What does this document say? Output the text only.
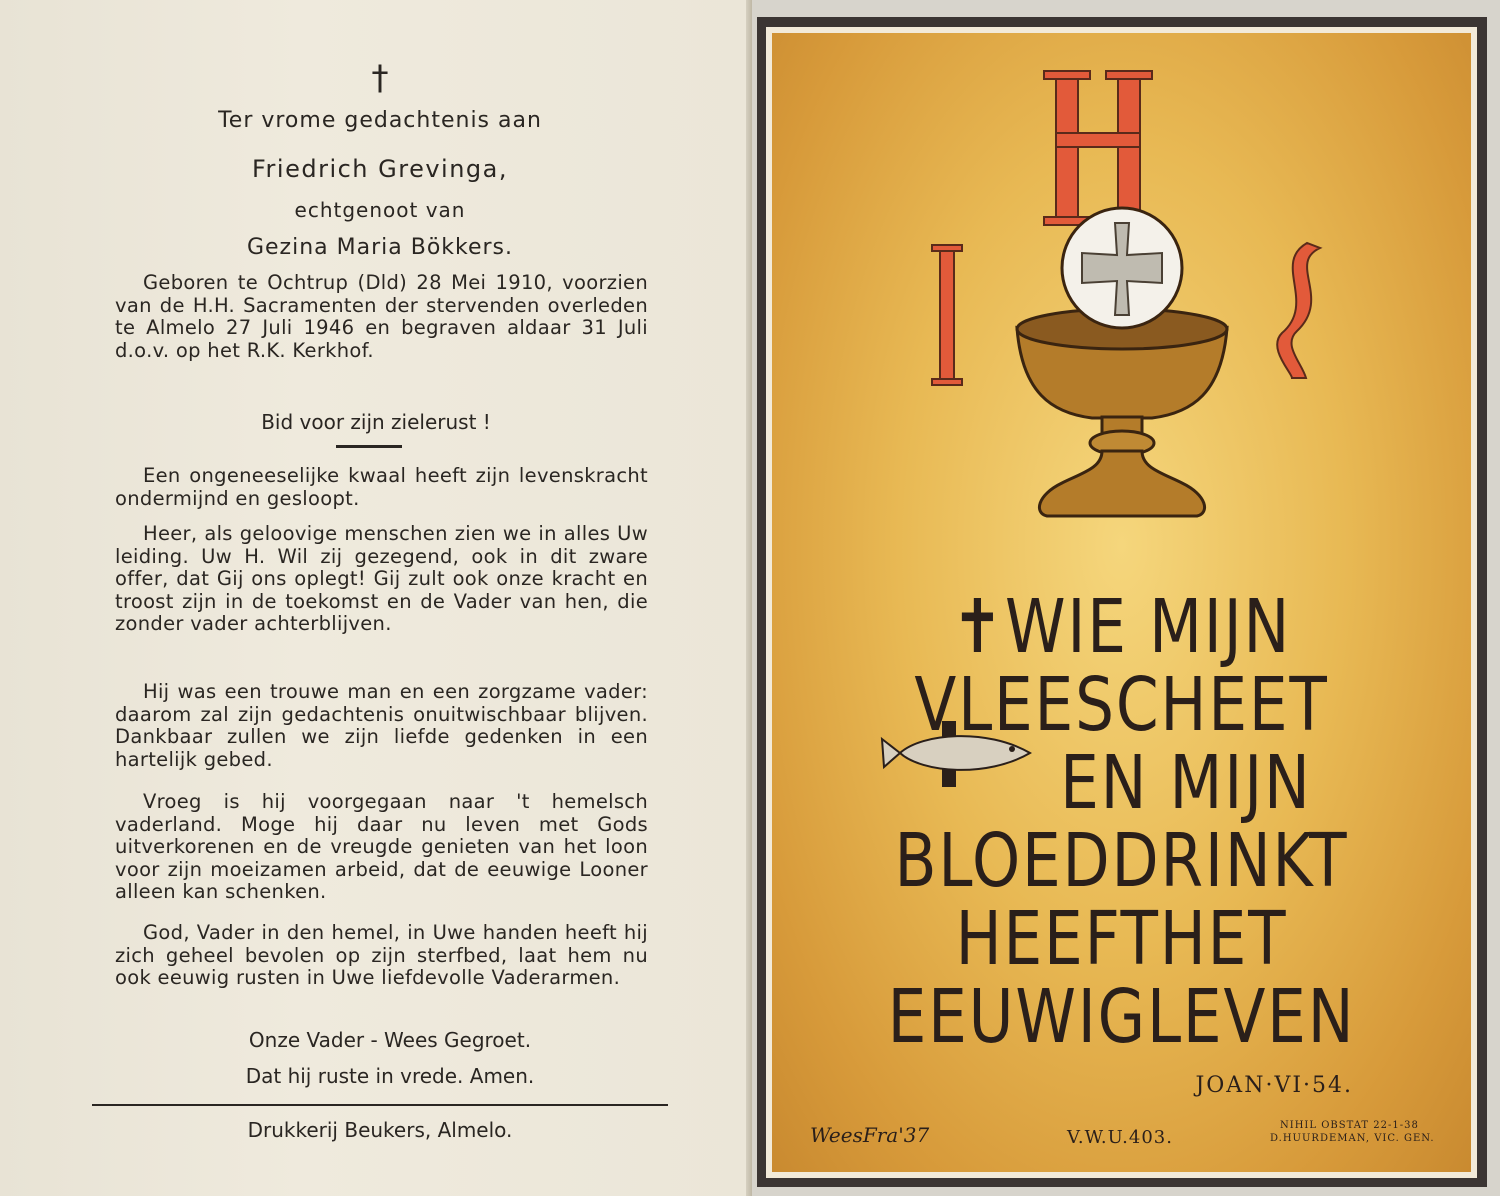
†
Ter vrome gedachtenis aan
Friedrich Grevinga,
echtgenoot van
Gezina Maria Bökkers.
Geboren te Ochtrup (Dld) 28 Mei 1910, voorzien van de H.H. Sacramenten der stervenden overleden te Almelo 27 Juli 1946 en begraven aldaar 31 Juli d.o.v. op het R.K. Kerkhof.
Bid voor zijn zielerust !
Een ongeneeselijke kwaal heeft zijn levenskracht ondermijnd en gesloopt.
Heer, als geloovige menschen zien we in alles Uw leiding. Uw H. Wil zij gezegend, ook in dit zware offer, dat Gij ons oplegt! Gij zult ook onze kracht en troost zijn in de toekomst en de Vader van hen, die zonder vader achterblijven.
Hij was een trouwe man en een zorgzame vader: daarom zal zijn gedachtenis onuitwischbaar blijven. Dankbaar zullen we zijn liefde gedenken in een hartelijk gebed.
Vroeg is hij voorgegaan naar 't hemelsch vaderland. Moge hij daar nu leven met Gods uitverkorenen en de vreugde genieten van het loon voor zijn moeizamen arbeid, dat de eeuwige Looner alleen kan schenken.
God, Vader in den hemel, in Uwe handen heeft hij zich geheel bevolen op zijn sterfbed, laat hem nu ook eeuwig rusten in Uwe liefdevolle Vaderarmen.
Onze Vader - Wees Gegroet.
Dat hij ruste in vrede. Amen.
Drukkerij Beukers, Almelo.
✝WIE MIJN
VLEESCHEET
EN MIJN
BLOEDDRINKT
HEEFTHET
EEUWIGLEVEN
JOAN·VI·54.
WeesFra'37	V.W.U.403.
NIHIL OBSTAT 22-1-38
D.HUURDEMAN, VIC. GEN.
